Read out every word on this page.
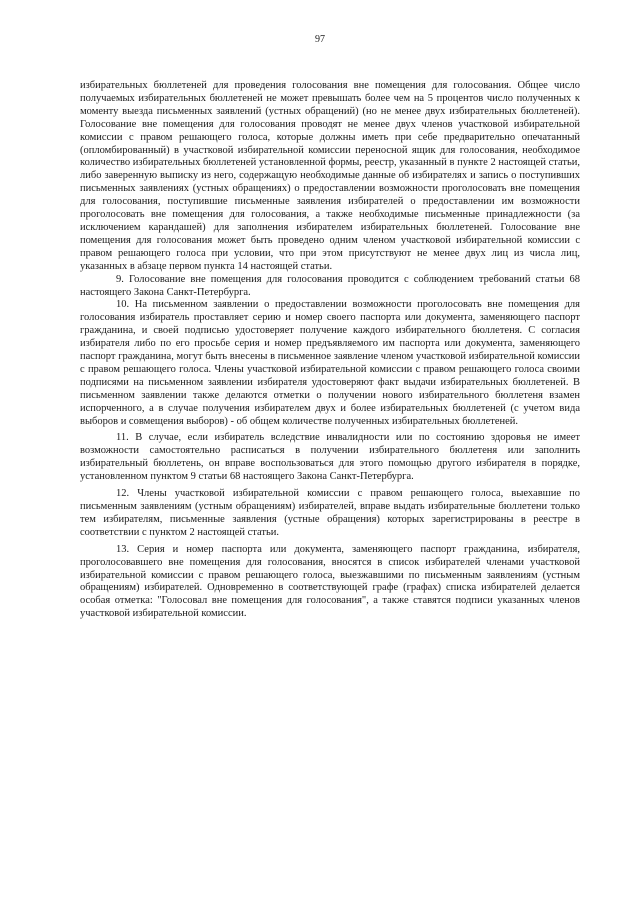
97

избирательных бюллетеней для проведения голосования вне помещения для голосования. Общее число получаемых избирательных бюллетеней не может превышать более чем на 5 процентов число полученных к моменту выезда письменных заявлений (устных обращений) (но не менее двух избирательных бюллетеней). Голосование вне помещения для голосования проводят не менее двух членов участковой избирательной комиссии с правом решающего голоса, которые должны иметь при себе предварительно опечатанный (опломбированный) в участковой избирательной комиссии переносной ящик для голосования, необходимое количество избирательных бюллетеней установленной формы, реестр, указанный в пункте 2 настоящей статьи, либо заверенную выписку из него, содержащую необходимые данные об избирателях и запись о поступивших письменных заявлениях (устных обращениях) о предоставлении возможности проголосовать вне помещения для голосования, поступившие письменные заявления избирателей о предоставлении им возможности проголосовать вне помещения для голосования, а также необходимые письменные принадлежности (за исключением карандашей) для заполнения избирателем избирательных бюллетеней. Голосование вне помещения для голосования может быть проведено одним членом участковой избирательной комиссии с правом решающего голоса при условии, что при этом присутствуют не менее двух лиц из числа лиц, указанных в абзаце первом пункта 14 настоящей статьи.

9. Голосование вне помещения для голосования проводится с соблюдением требований статьи 68 настоящего Закона Санкт-Петербурга.

10. На письменном заявлении о предоставлении возможности проголосовать вне помещения для голосования избиратель проставляет серию и номер своего паспорта или документа, заменяющего паспорт гражданина, и своей подписью удостоверяет получение каждого избирательного бюллетеня. С согласия избирателя либо по его просьбе серия и номер предъявляемого им паспорта или документа, заменяющего паспорт гражданина, могут быть внесены в письменное заявление членом участковой избирательной комиссии с правом решающего голоса. Члены участковой избирательной комиссии с правом решающего голоса своими подписями на письменном заявлении избирателя удостоверяют факт выдачи избирательных бюллетеней. В письменном заявлении также делаются отметки о получении нового избирательного бюллетеня взамен испорченного, а в случае получения избирателем двух и более избирательных бюллетеней (с учетом вида выборов и совмещения выборов) - об общем количестве полученных избирательных бюллетеней.

11. В случае, если избиратель вследствие инвалидности или по состоянию здоровья не имеет возможности самостоятельно расписаться в получении избирательного бюллетеня или заполнить избирательный бюллетень, он вправе воспользоваться для этого помощью другого избирателя в порядке, установленном пунктом 9 статьи 68 настоящего Закона Санкт-Петербурга.

12. Члены участковой избирательной комиссии с правом решающего голоса, выехавшие по письменным заявлениям (устным обращениям) избирателей, вправе выдать избирательные бюллетени только тем избирателям, письменные заявления (устные обращения) которых зарегистрированы в реестре в соответствии с пунктом 2 настоящей статьи.

13. Серия и номер паспорта или документа, заменяющего паспорт гражданина, избирателя, проголосовавшего вне помещения для голосования, вносятся в список избирателей членами участковой избирательной комиссии с правом решающего голоса, выезжавшими по письменным заявлениям (устным обращениям) избирателей. Одновременно в соответствующей графе (графах) списка избирателей делается особая отметка: "Голосовал вне помещения для голосования", а также ставятся подписи указанных членов участковой избирательной комиссии.
